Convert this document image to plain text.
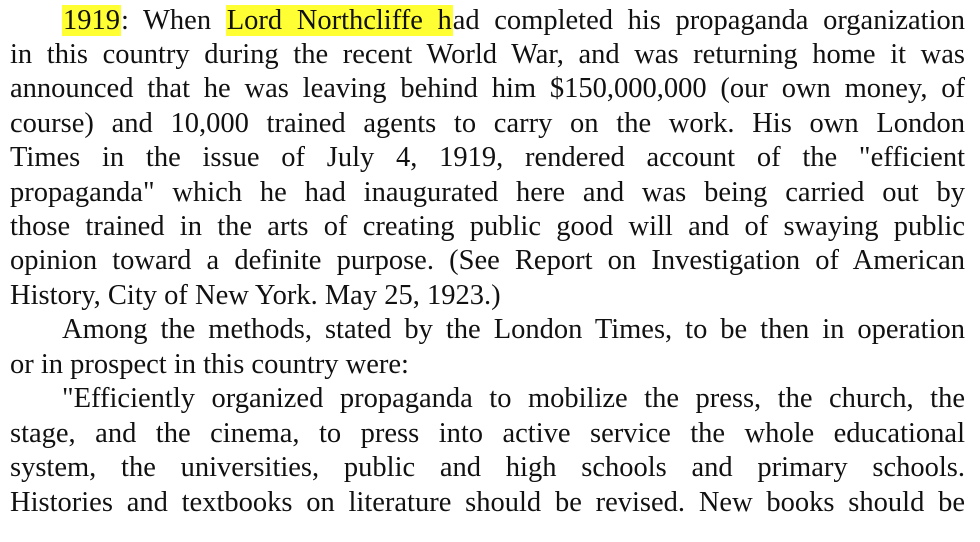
1919: When Lord Northcliffe had completed his propaganda organization
in this country during the recent World War, and was returning home it was
announced that he was leaving behind him $150,000,000 (our own money, of
course) and 10,000 trained agents to carry on the work. His own London
Times in the issue of July 4, 1919, rendered account of the "efficient
propaganda" which he had inaugurated here and was being carried out by
those trained in the arts of creating public good will and of swaying public
opinion toward a definite purpose. (See Report on Investigation of American
History, City of New York. May 25, 1923.)
Among the methods, stated by the London Times, to be then in operation
or in prospect in this country were:
"Efficiently organized propaganda to mobilize the press, the church, the
stage, and the cinema, to press into active service the whole educational
system, the universities, public and high schools and primary schools.
Histories and textbooks on literature should be revised. New books should be
